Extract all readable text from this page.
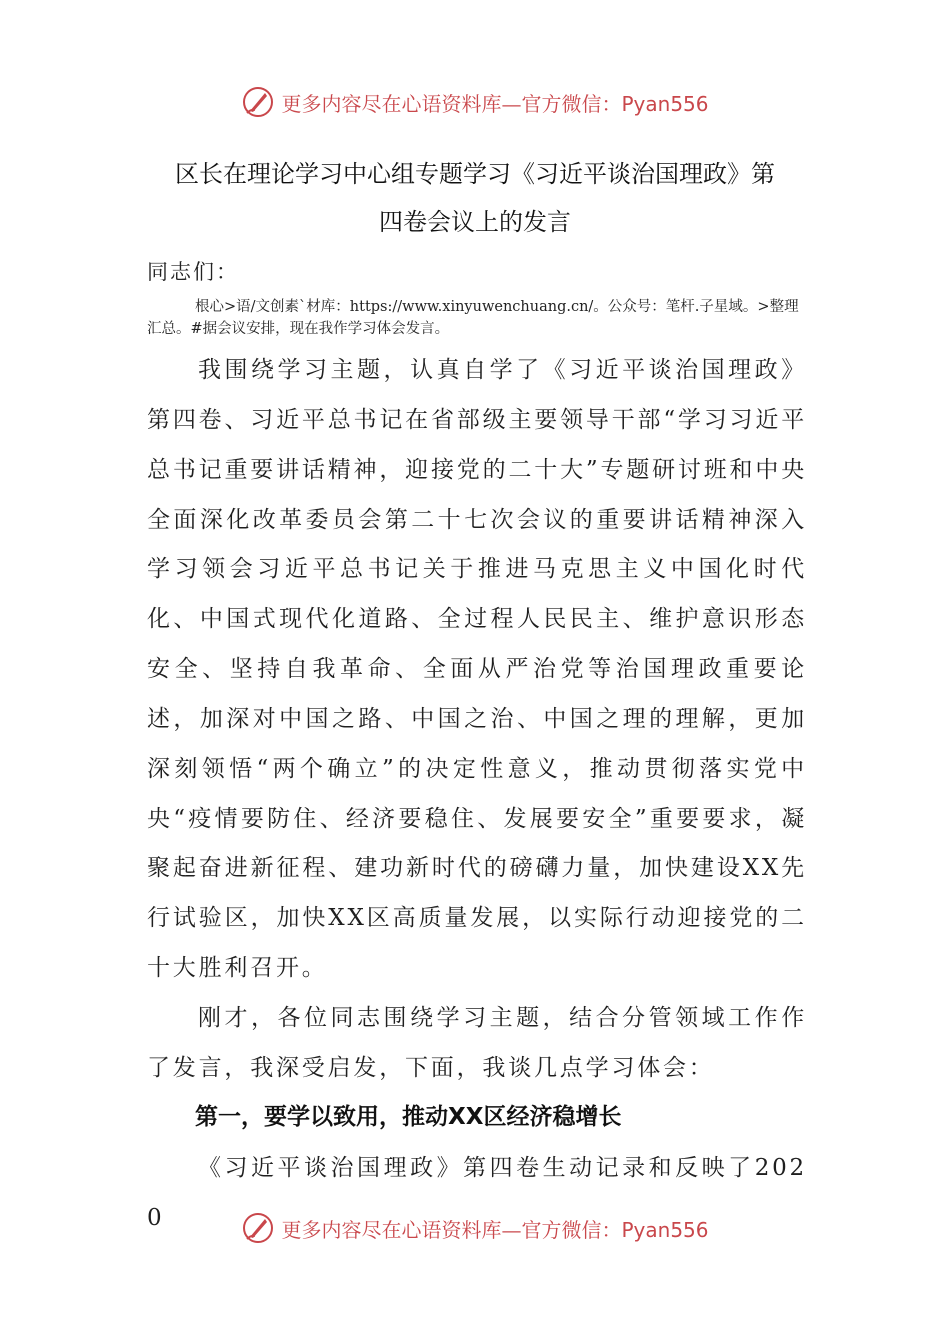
更多内容尽在心语资料库—官方微信：Pyan556
区长在理论学习中心组专题学习《习近平谈治国理政》第
四卷会议上的发言
同志们：
根心>语/文创素`材库：https://www.xinyuwenchuang.cn/。公众号：笔杆.子星域。>整理汇总。#据会议安排，现在我作学习体会发言。
我围绕学习主题，认真自学了《习近平谈治国理政》第四卷、习近平总书记在省部级主要领导干部“学习习近平总书记重要讲话精神，迎接党的二十大”专题研讨班和中央全面深化改革委员会第二十七次会议的重要讲话精神深入学习领会习近平总书记关于推进马克思主义中国化时代化、中国式现代化道路、全过程人民民主、维护意识形态安全、坚持自我革命、全面从严治党等治国理政重要论述，加深对中国之路、中国之治、中国之理的理解，更加深刻领悟“两个确立”的决定性意义，推动贯彻落实党中央“疫情要防住、经济要稳住、发展要安全”重要要求，凝聚起奋进新征程、建功新时代的磅礴力量，加快建设XX先行试验区，加快XX区高质量发展，以实际行动迎接党的二十大胜利召开。
刚才，各位同志围绕学习主题，结合分管领域工作作了发言，我深受启发，下面，我谈几点学习体会：
第一，要学以致用，推动XX区经济稳增长
《习近平谈治国理政》第四卷生动记录和反映了2020	更多内容尽在心语资料库—官方微信：Pyan556
